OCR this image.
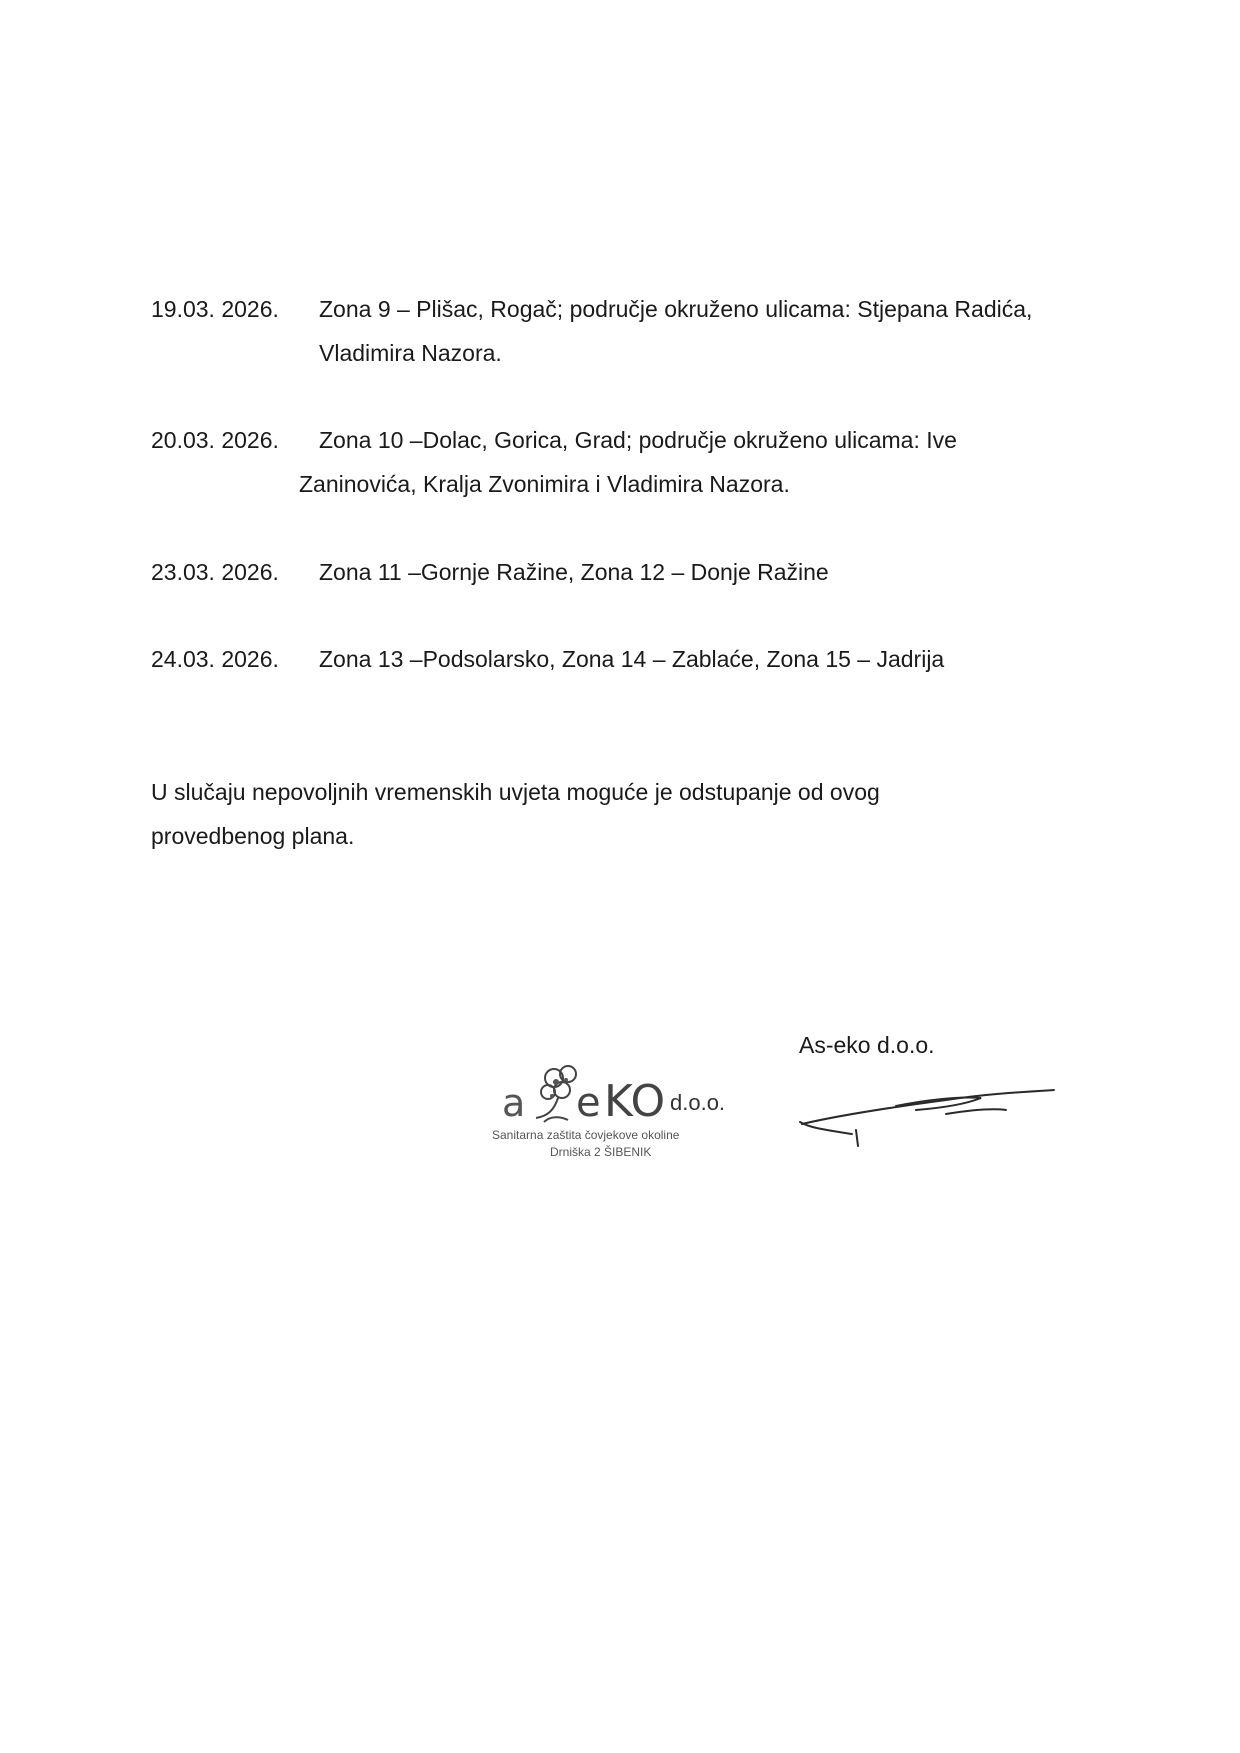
19.03. 2026. Zona 9 – Plišac, Rogač; područje okruženo ulicama: Stjepana Radića,
Vladimira Nazora.
20.03. 2026. Zona 10 –Dolac, Gorica, Grad; područje okruženo ulicama: Ive
Zaninovića, Kralja Zvonimira i Vladimira Nazora.
23.03. 2026. Zona 11 –Gornje Ražine, Zona 12 – Donje Ražine
24.03. 2026. Zona 13 –Podsolarsko, Zona 14 – Zablaće, Zona 15 – Jadrija
U slučaju nepovoljnih vremenskih uvjeta moguće je odstupanje od ovog
provedbenog plana.
As-eko d.o.o.
a e KO d.o.o.
Sanitarna zaštita čovjekove okoline
Drniška 2 ŠIBENIK
